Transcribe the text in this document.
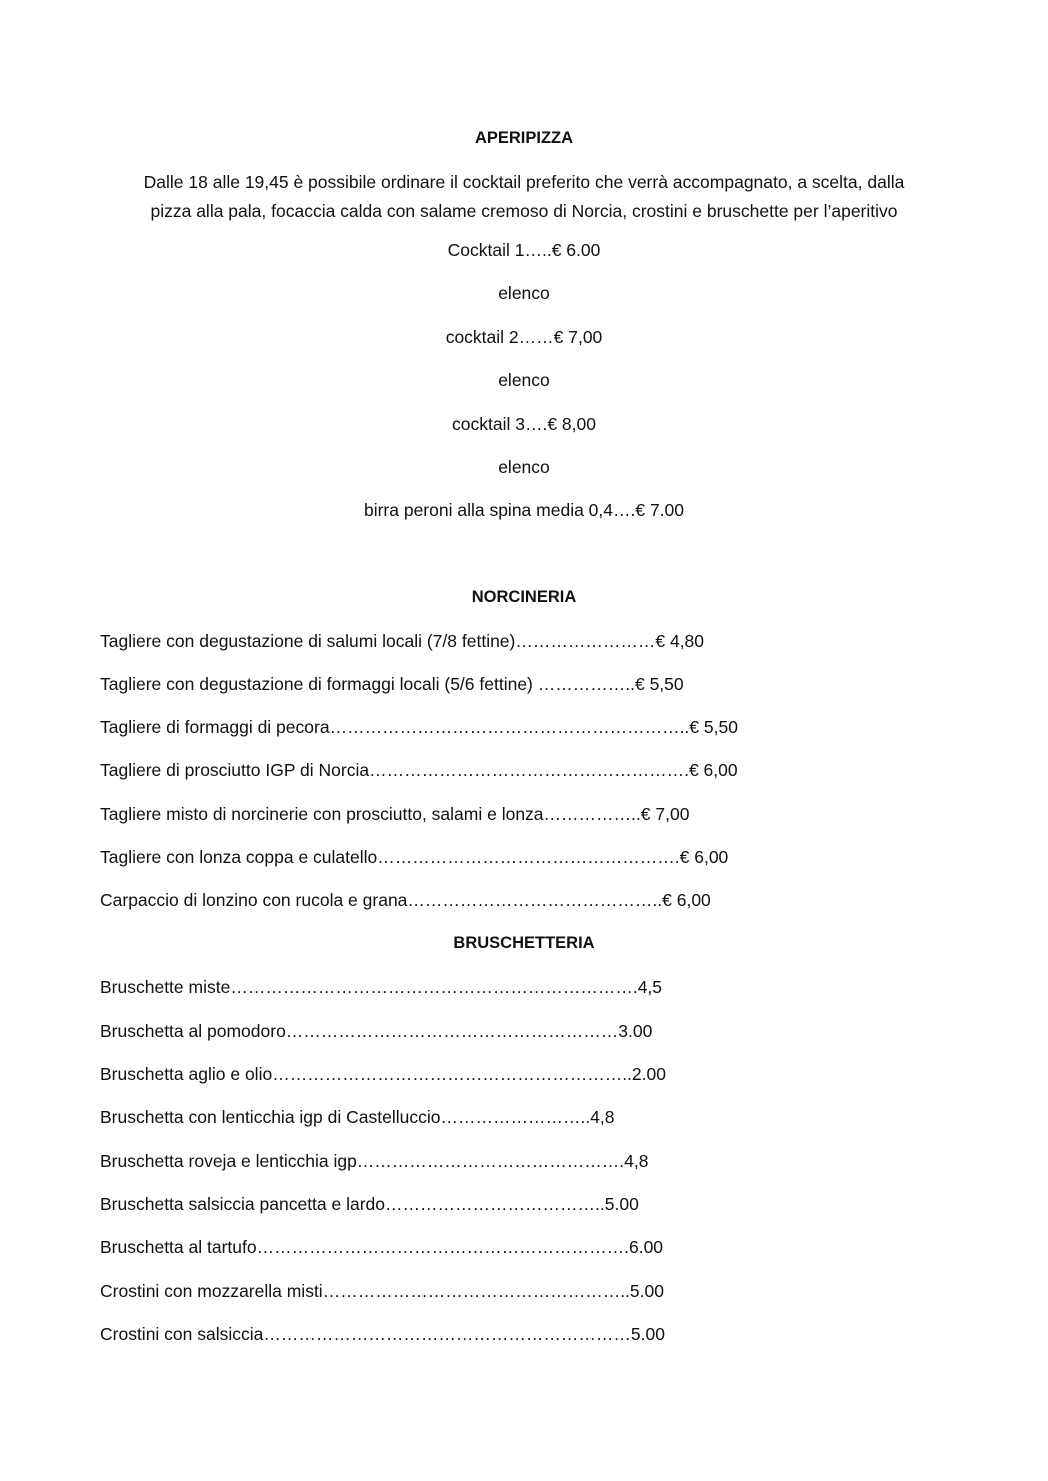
APERIPIZZA
Dalle 18 alle 19,45 è possibile ordinare il cocktail preferito che verrà accompagnato, a scelta, dalla
pizza alla pala, focaccia calda con salame cremoso di Norcia, crostini e bruschette per l’aperitivo
Cocktail 1…..€ 6.00
elenco
cocktail 2……€ 7,00
elenco
cocktail 3….€ 8,00
elenco
birra peroni alla spina media 0,4….€ 7.00
NORCINERIA
Tagliere con degustazione di salumi locali (7/8 fettine)……………………€ 4,80
Tagliere con degustazione di formaggi locali (5/6 fettine) ……………..€ 5,50
Tagliere di formaggi di pecora……………………………………………………..€ 5,50
Tagliere di prosciutto IGP di Norcia……………………………………………….€ 6,00
Tagliere misto di norcinerie con prosciutto, salami e lonza……………..€ 7,00
Tagliere con lonza coppa e culatello…………………………………………….€ 6,00
Carpaccio di lonzino con rucola e grana……………………………………..€ 6,00
BRUSCHETTERIA
Bruschette miste…………………………………………………………….4,5
Bruschetta al pomodoro…………………………………………………3.00
Bruschetta aglio e olio……………………………………………………..2.00
Bruschetta con lenticchia igp di Castelluccio……………………..4,8
Bruschetta roveja e lenticchia igp……………………………………….4,8
Bruschetta salsiccia pancetta e lardo………………………………..5.00
Bruschetta al tartufo……………………………………………………….6.00
Crostini con mozzarella misti……………………………………………..5.00
Crostini con salsiccia………………………………………………………5.00
